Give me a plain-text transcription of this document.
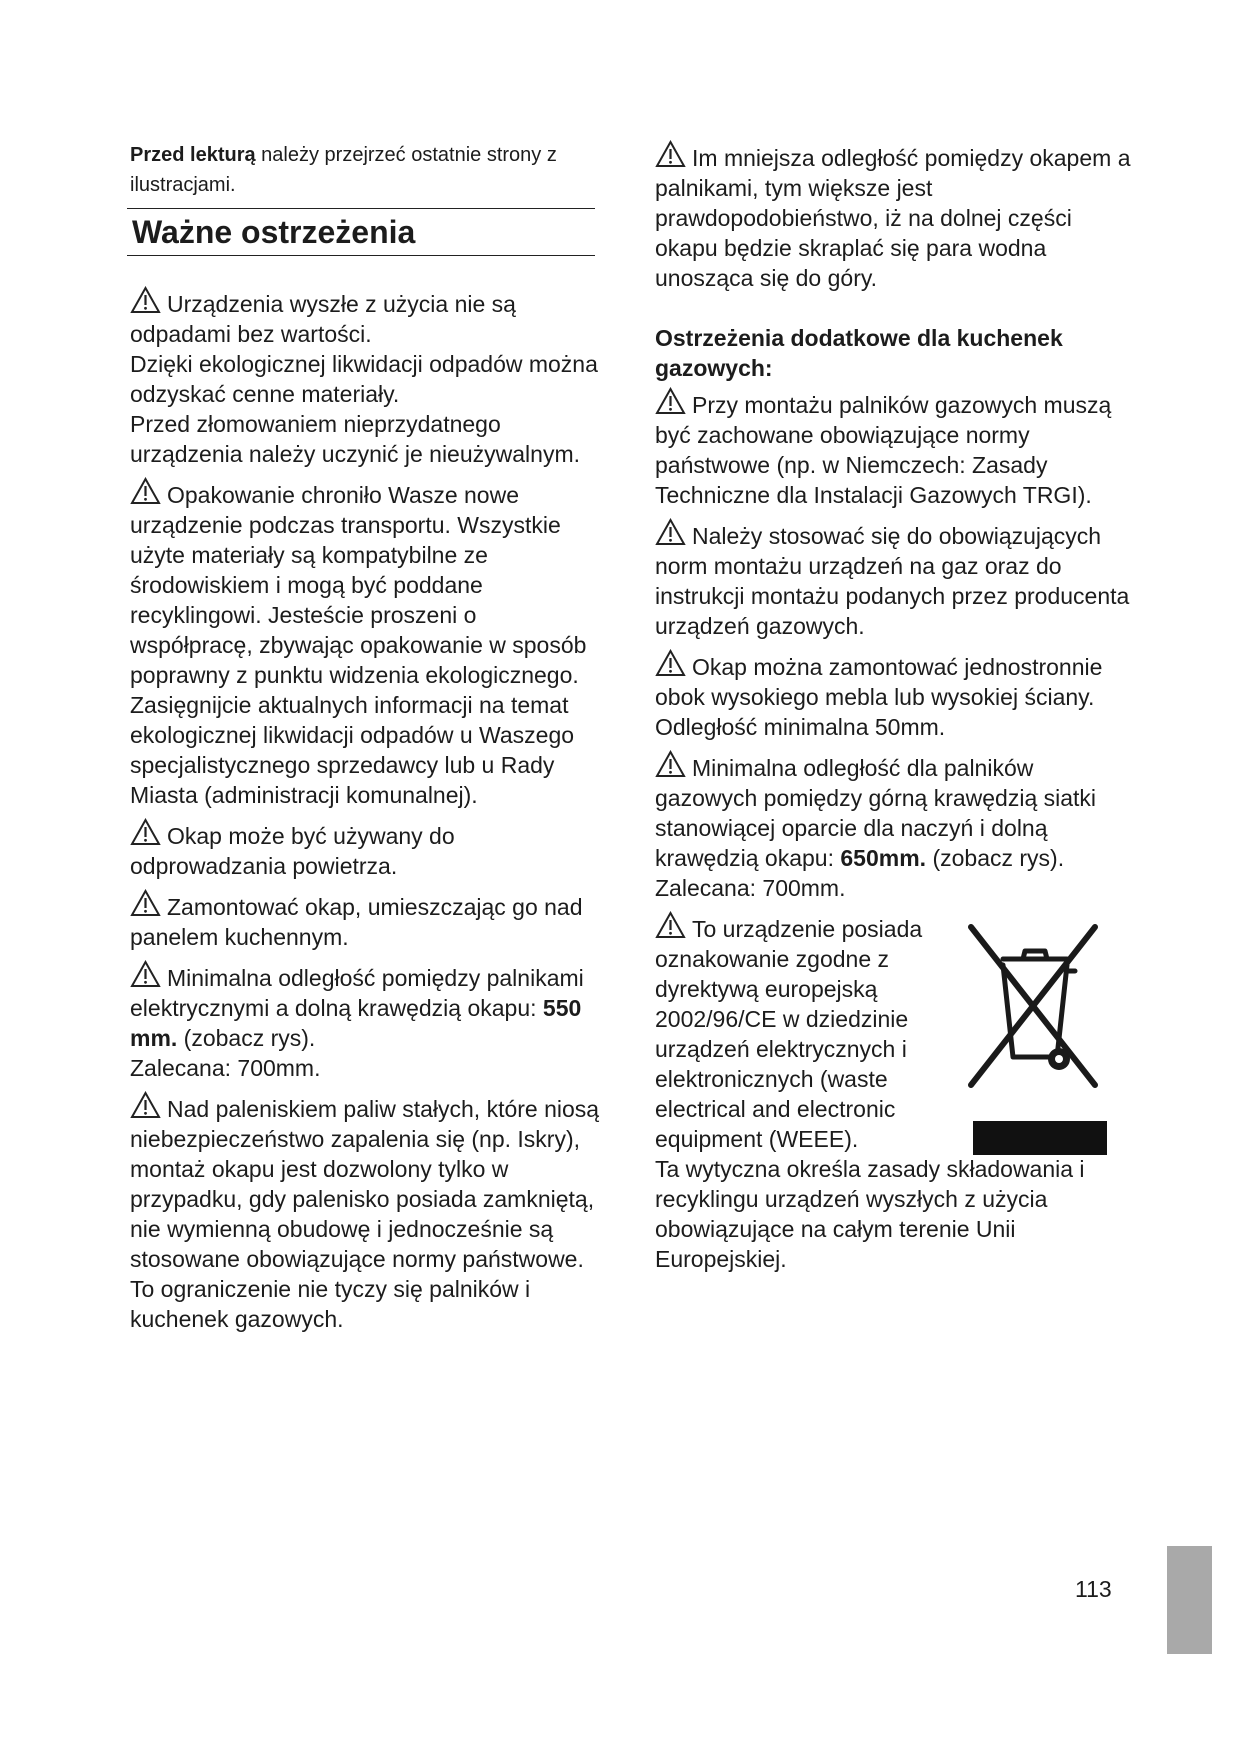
Przed lekturą należy przejrzeć ostatnie strony z ilustracjami.

Ważne ostrzeżenia

Urządzenia wyszłe z użycia nie są odpadami bez wartości.

Dzięki ekologicznej likwidacji odpadów można odzyskać cenne materiały.

Przed złomowaniem nieprzydatnego urządzenia należy uczynić je nieużywalnym.

Opakowanie chroniło Wasze nowe urządzenie podczas transportu. Wszystkie użyte materiały są kompatybilne ze środowiskiem i mogą być poddane recyklingowi. Jesteście proszeni o współpracę, zbywając opakowanie w sposób poprawny z punktu widzenia ekologicznego.

Zasięgnijcie aktualnych informacji na temat ekologicznej likwidacji odpadów u Waszego specjalistycznego sprzedawcy lub u Rady Miasta (administracji komunalnej).

Okap może być używany do odprowadzania powietrza.

Zamontować okap, umieszczając go nad panelem kuchennym.

Minimalna odległość pomiędzy palnikami elektrycznymi a dolną krawędzią okapu: 550 mm. (zobacz rys).

Zalecana: 700mm.

Nad paleniskiem paliw stałych, które niosą niebezpieczeństwo zapalenia się (np. Iskry), montaż okapu jest dozwolony tylko w przypadku, gdy palenisko posiada zamkniętą, nie wymienną obudowę i jednocześnie są stosowane obowiązujące normy państwowe.

To ograniczenie nie tyczy się palników i kuchenek gazowych.

Im mniejsza odległość pomiędzy okapem a palnikami, tym większe jest prawdopodobieństwo, iż na dolnej części okapu będzie skraplać się para wodna unosząca się do góry.

Ostrzeżenia dodatkowe dla kuchenek gazowych:

Przy montażu palników gazowych muszą być zachowane obowiązujące normy państwowe (np. w Niemczech: Zasady Techniczne dla Instalacji Gazowych TRGI).

Należy stosować się do obowiązujących norm montażu urządzeń na gaz oraz do instrukcji montażu podanych przez producenta urządzeń gazowych.

Okap można zamontować jednostronnie obok wysokiego mebla lub wysokiej ściany.

Odległość minimalna 50mm.

Minimalna odległość dla palników gazowych pomiędzy górną krawędzią siatki stanowiącej oparcie dla naczyń i dolną krawędzią okapu: 650mm. (zobacz rys).

Zalecana: 700mm.

To urządzenie posiada oznakowanie zgodne z dyrektywą europejską 2002/96/CE w dziedzinie urządzeń elektrycznych i elektronicznych (waste electrical and electronic equipment (WEEE).

Ta wytyczna określa zasady składowania i recyklingu urządzeń wyszłych z użycia obowiązujące na całym terenie Unii Europejskiej.

113
